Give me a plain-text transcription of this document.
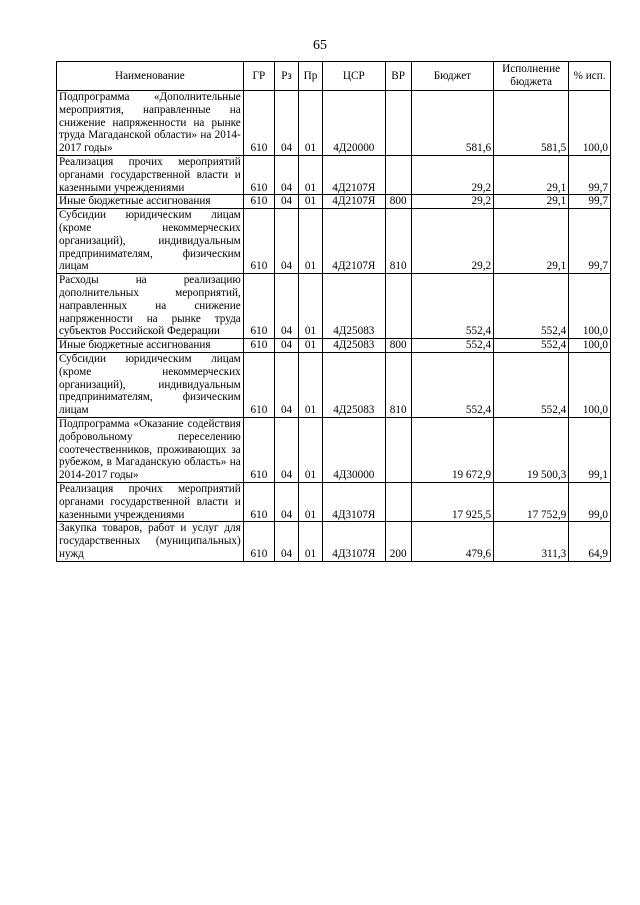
65
Наименование	ГР	Рз	Пр	ЦСР	ВР	Бюджет	Исполнение бюджета	% исп.
Подпрограмма «Дополнительные мероприятия, направленные на снижение напряженности на рынке труда Магаданской области» на 2014-2017 годы»	610	04	01	4Д20000		581,6	581,5	100,0
Реализация прочих мероприятий органами государственной власти и казенными учреждениями	610	04	01	4Д2107Я		29,2	29,1	99,7
Иные бюджетные ассигнования	610	04	01	4Д2107Я	800	29,2	29,1	99,7
Субсидии юридическим лицам (кроме некоммерческих организаций), индивидуальным предпринимателям, физическим лицам	610	04	01	4Д2107Я	810	29,2	29,1	99,7
Расходы на реализацию дополнительных мероприятий, направленных на снижение напряженности на рынке труда субъектов Российской Федерации	610	04	01	4Д25083		552,4	552,4	100,0
Иные бюджетные ассигнования	610	04	01	4Д25083	800	552,4	552,4	100,0
Субсидии юридическим лицам (кроме некоммерческих организаций), индивидуальным предпринимателям, физическим лицам	610	04	01	4Д25083	810	552,4	552,4	100,0
Подпрограмма «Оказание содействия добровольному переселению соотечественников, проживающих за рубежом, в Магаданскую область» на 2014-2017 годы»	610	04	01	4Д30000		19 672,9	19 500,3	99,1
Реализация прочих мероприятий органами государственной власти и казенными учреждениями	610	04	01	4Д3107Я		17 925,5	17 752,9	99,0
Закупка товаров, работ и услуг для государственных (муниципальных) нужд	610	04	01	4Д3107Я	200	479,6	311,3	64,9
